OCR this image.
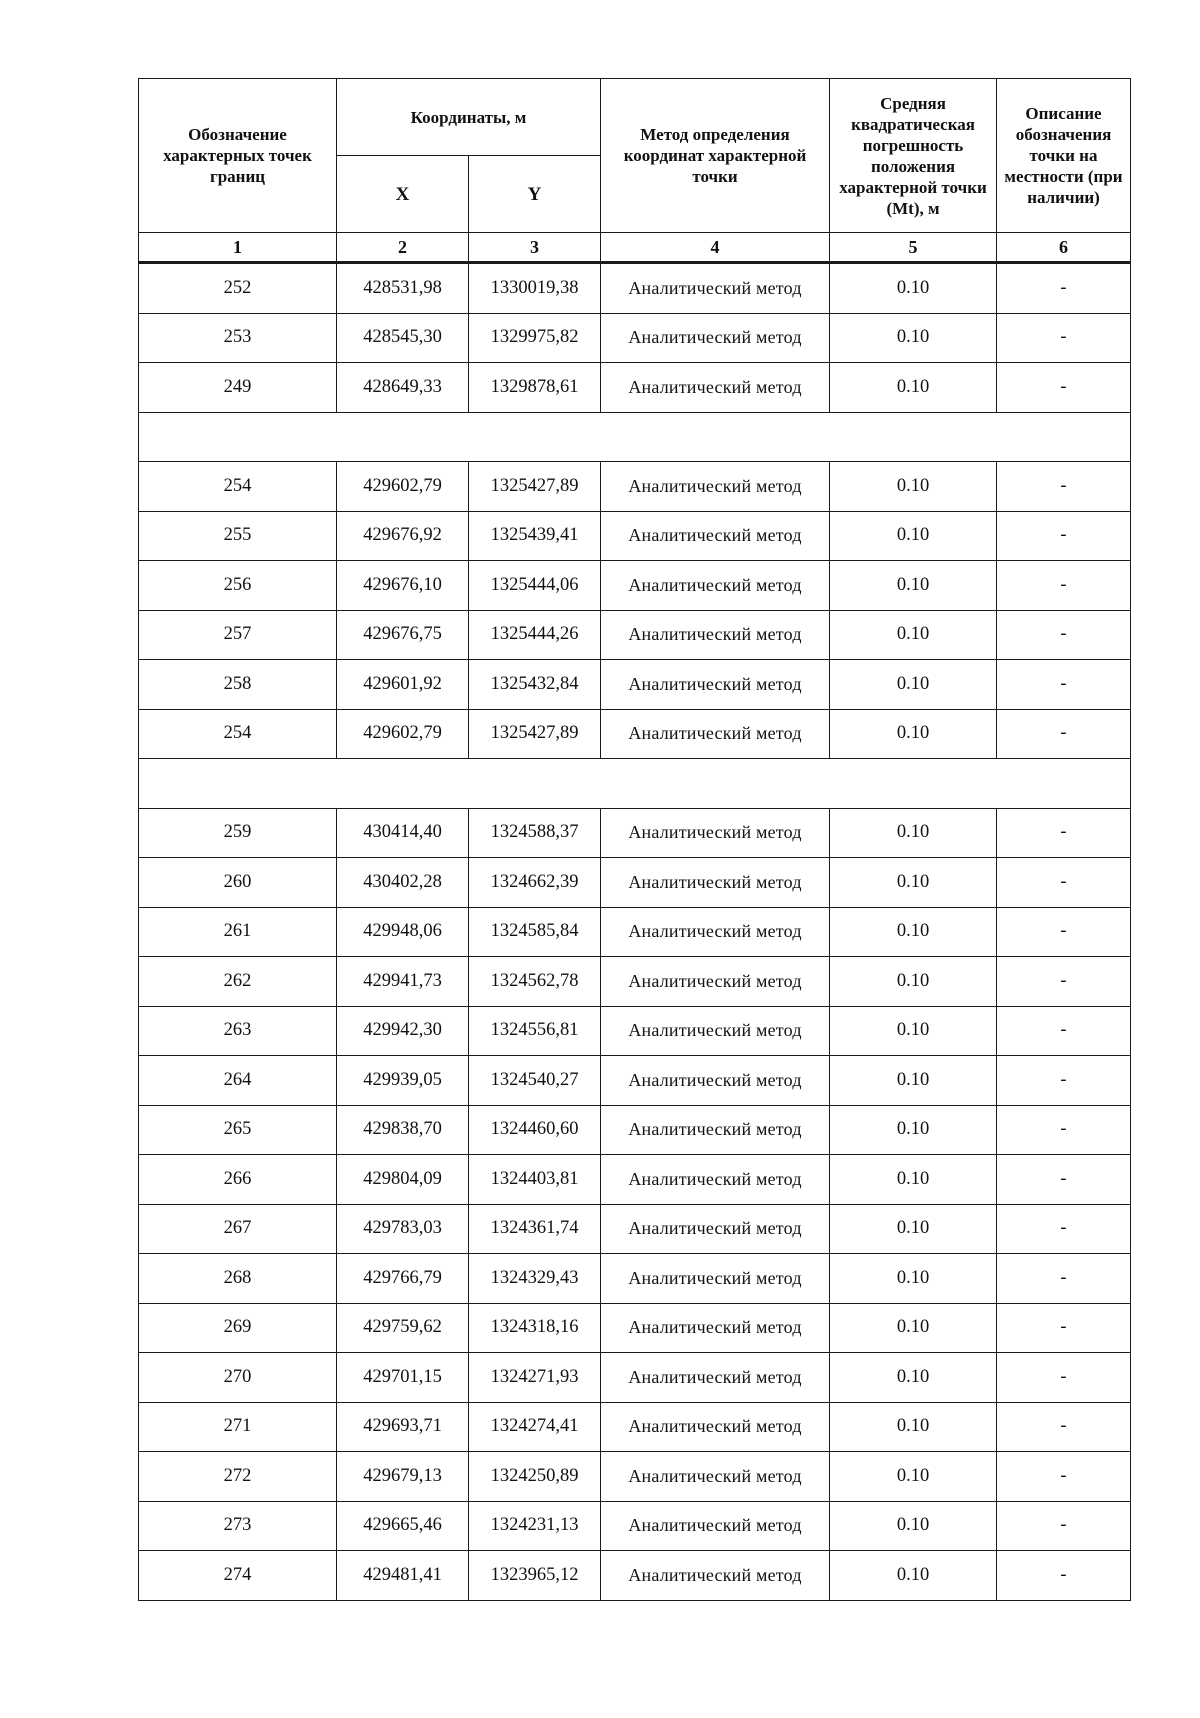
Обозначение характерных точек границ	Координаты, м		Метод определения координат характерной точки	Средняя квадратическая погрешность положения характерной точки (Mt), м	Описание обозначения точки на местности (при наличии)
	X	Y			
1	2	3	4	5	6
252	428531,98	1330019,38	Аналитический метод	0.10	-
253	428545,30	1329975,82	Аналитический метод	0.10	-
249	428649,33	1329878,61	Аналитический метод	0.10	-

254	429602,79	1325427,89	Аналитический метод	0.10	-
255	429676,92	1325439,41	Аналитический метод	0.10	-
256	429676,10	1325444,06	Аналитический метод	0.10	-
257	429676,75	1325444,26	Аналитический метод	0.10	-
258	429601,92	1325432,84	Аналитический метод	0.10	-
254	429602,79	1325427,89	Аналитический метод	0.10	-

259	430414,40	1324588,37	Аналитический метод	0.10	-
260	430402,28	1324662,39	Аналитический метод	0.10	-
261	429948,06	1324585,84	Аналитический метод	0.10	-
262	429941,73	1324562,78	Аналитический метод	0.10	-
263	429942,30	1324556,81	Аналитический метод	0.10	-
264	429939,05	1324540,27	Аналитический метод	0.10	-
265	429838,70	1324460,60	Аналитический метод	0.10	-
266	429804,09	1324403,81	Аналитический метод	0.10	-
267	429783,03	1324361,74	Аналитический метод	0.10	-
268	429766,79	1324329,43	Аналитический метод	0.10	-
269	429759,62	1324318,16	Аналитический метод	0.10	-
270	429701,15	1324271,93	Аналитический метод	0.10	-
271	429693,71	1324274,41	Аналитический метод	0.10	-
272	429679,13	1324250,89	Аналитический метод	0.10	-
273	429665,46	1324231,13	Аналитический метод	0.10	-
274	429481,41	1323965,12	Аналитический метод	0.10	-
